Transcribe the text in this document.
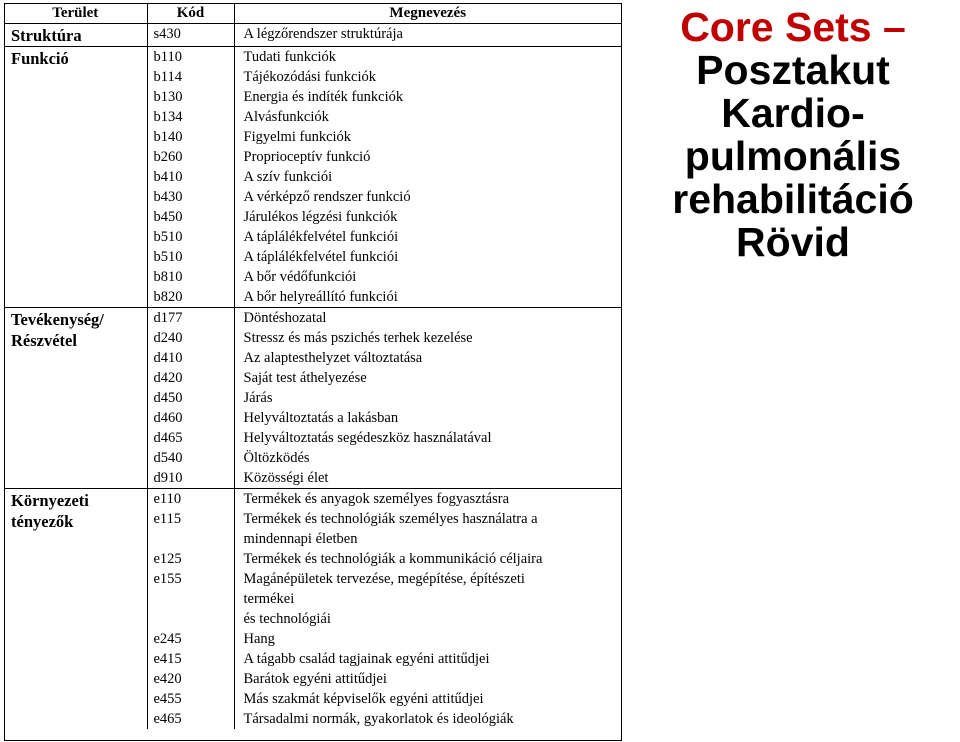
Terület	Kód	Megnevezés
Struktúra	s430	A légzőrendszer struktúrája

Funkció	b110	Tudati funkciók

	b114	Tájékozódási funkciók

	b130	Energia és indíték funkciók

	b134	Alvásfunkciók

	b140	Figyelmi funkciók

	b260	Proprioceptív funkció

	b410	A szív funkciói

	b430	A vérképző rendszer funkció

	b450	Járulékos légzési funkciók

	b510	A táplálékfelvétel funkciói

	b510	A táplálékfelvétel funkciói

	b810	A bőr védőfunkciói

	b820	A bőr helyreállító funkciói

Tevékenység/ Részvétel	d177	Döntéshozatal

	d240	Stressz és más pszichés terhek kezelése

	d410	Az alaptesthelyzet változtatása

	d420	Saját test áthelyezése

	d450	Járás

	d460	Helyváltoztatás a lakásban

	d465	Helyváltoztatás segédeszköz használatával

	d540	Öltözködés

	d910	Közösségi élet

Környezeti tényezők	e110	Termékek és anyagok személyes fogyasztásra

	e115	Termékek és technológiák személyes használatra a
mindennapi életben

	e125	Termékek és technológiák a kommunikáció céljaira

	e155	Magánépületek tervezése, megépítése, építészeti
termékei
és technológiái

	e245	Hang

	e415	A tágabb család tagjainak egyéni attitűdjei

	e420	Barátok egyéni attitűdjei

	e455	Más szakmát képviselők egyéni attitűdjei

	e465	Társadalmi normák, gyakorlatok és ideológiák
Core Sets –
Posztakut
Kardio-
pulmonális
rehabilitáció
Rövid
